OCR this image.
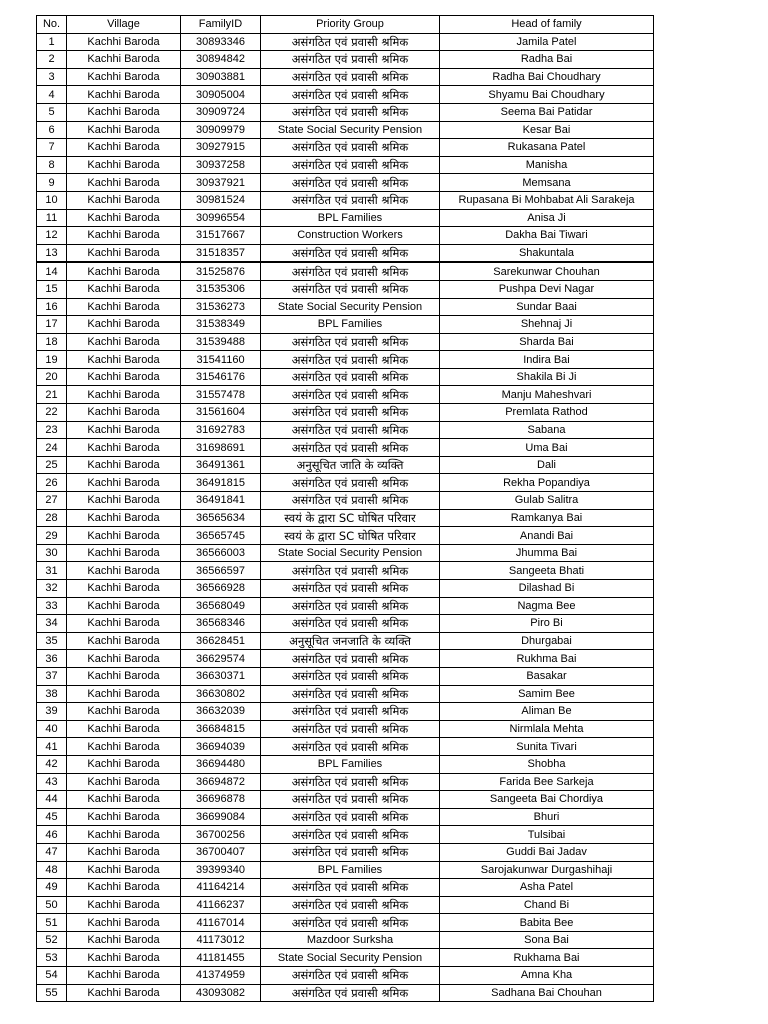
No.	Village	FamilyID	Priority Group	Head of family
1	Kachhi Baroda	30893346	असंगठित एवं प्रवासी श्रमिक	Jamila Patel
2	Kachhi Baroda	30894842	असंगठित एवं प्रवासी श्रमिक	Radha Bai
3	Kachhi Baroda	30903881	असंगठित एवं प्रवासी श्रमिक	Radha Bai Choudhary
4	Kachhi Baroda	30905004	असंगठित एवं प्रवासी श्रमिक	Shyamu Bai Choudhary
5	Kachhi Baroda	30909724	असंगठित एवं प्रवासी श्रमिक	Seema Bai Patidar
6	Kachhi Baroda	30909979	State Social Security Pension	Kesar Bai
7	Kachhi Baroda	30927915	असंगठित एवं प्रवासी श्रमिक	Rukasana Patel
8	Kachhi Baroda	30937258	असंगठित एवं प्रवासी श्रमिक	Manisha
9	Kachhi Baroda	30937921	असंगठित एवं प्रवासी श्रमिक	Memsana
10	Kachhi Baroda	30981524	असंगठित एवं प्रवासी श्रमिक	Rupasana Bi Mohbabat Ali Sarakeja
11	Kachhi Baroda	30996554	BPL Families	Anisa Ji
12	Kachhi Baroda	31517667	Construction Workers	Dakha Bai Tiwari
13	Kachhi Baroda	31518357	असंगठित एवं प्रवासी श्रमिक	Shakuntala
14	Kachhi Baroda	31525876	असंगठित एवं प्रवासी श्रमिक	Sarekunwar Chouhan
15	Kachhi Baroda	31535306	असंगठित एवं प्रवासी श्रमिक	Pushpa Devi Nagar
16	Kachhi Baroda	31536273	State Social Security Pension	Sundar Baai
17	Kachhi Baroda	31538349	BPL Families	Shehnaj Ji
18	Kachhi Baroda	31539488	असंगठित एवं प्रवासी श्रमिक	Sharda Bai
19	Kachhi Baroda	31541160	असंगठित एवं प्रवासी श्रमिक	Indira Bai
20	Kachhi Baroda	31546176	असंगठित एवं प्रवासी श्रमिक	Shakila Bi Ji
21	Kachhi Baroda	31557478	असंगठित एवं प्रवासी श्रमिक	Manju Maheshvari
22	Kachhi Baroda	31561604	असंगठित एवं प्रवासी श्रमिक	Premlata Rathod
23	Kachhi Baroda	31692783	असंगठित एवं प्रवासी श्रमिक	Sabana
24	Kachhi Baroda	31698691	असंगठित एवं प्रवासी श्रमिक	Uma Bai
25	Kachhi Baroda	36491361	अनुसूचित जाति के व्यक्ति	Dali
26	Kachhi Baroda	36491815	असंगठित एवं प्रवासी श्रमिक	Rekha Popandiya
27	Kachhi Baroda	36491841	असंगठित एवं प्रवासी श्रमिक	Gulab Salitra
28	Kachhi Baroda	36565634	स्वयं के द्वारा SC घोषित परिवार	Ramkanya Bai
29	Kachhi Baroda	36565745	स्वयं के द्वारा SC घोषित परिवार	Anandi Bai
30	Kachhi Baroda	36566003	State Social Security Pension	Jhumma Bai
31	Kachhi Baroda	36566597	असंगठित एवं प्रवासी श्रमिक	Sangeeta Bhati
32	Kachhi Baroda	36566928	असंगठित एवं प्रवासी श्रमिक	Dilashad Bi
33	Kachhi Baroda	36568049	असंगठित एवं प्रवासी श्रमिक	Nagma Bee
34	Kachhi Baroda	36568346	असंगठित एवं प्रवासी श्रमिक	Piro Bi
35	Kachhi Baroda	36628451	अनुसूचित जनजाति के व्यक्ति	Dhurgabai
36	Kachhi Baroda	36629574	असंगठित एवं प्रवासी श्रमिक	Rukhma Bai
37	Kachhi Baroda	36630371	असंगठित एवं प्रवासी श्रमिक	Basakar
38	Kachhi Baroda	36630802	असंगठित एवं प्रवासी श्रमिक	Samim Bee
39	Kachhi Baroda	36632039	असंगठित एवं प्रवासी श्रमिक	Aliman Be
40	Kachhi Baroda	36684815	असंगठित एवं प्रवासी श्रमिक	Nirmlala Mehta
41	Kachhi Baroda	36694039	असंगठित एवं प्रवासी श्रमिक	Sunita Tivari
42	Kachhi Baroda	36694480	BPL Families	Shobha
43	Kachhi Baroda	36694872	असंगठित एवं प्रवासी श्रमिक	Farida Bee Sarkeja
44	Kachhi Baroda	36696878	असंगठित एवं प्रवासी श्रमिक	Sangeeta Bai Chordiya
45	Kachhi Baroda	36699084	असंगठित एवं प्रवासी श्रमिक	Bhuri
46	Kachhi Baroda	36700256	असंगठित एवं प्रवासी श्रमिक	Tulsibai
47	Kachhi Baroda	36700407	असंगठित एवं प्रवासी श्रमिक	Guddi Bai Jadav
48	Kachhi Baroda	39399340	BPL Families	Sarojakunwar Durgashihaji
49	Kachhi Baroda	41164214	असंगठित एवं प्रवासी श्रमिक	Asha Patel
50	Kachhi Baroda	41166237	असंगठित एवं प्रवासी श्रमिक	Chand Bi
51	Kachhi Baroda	41167014	असंगठित एवं प्रवासी श्रमिक	Babita Bee
52	Kachhi Baroda	41173012	Mazdoor Surksha	Sona Bai
53	Kachhi Baroda	41181455	State Social Security Pension	Rukhama Bai
54	Kachhi Baroda	41374959	असंगठित एवं प्रवासी श्रमिक	Amna Kha
55	Kachhi Baroda	43093082	असंगठित एवं प्रवासी श्रमिक	Sadhana Bai Chouhan
